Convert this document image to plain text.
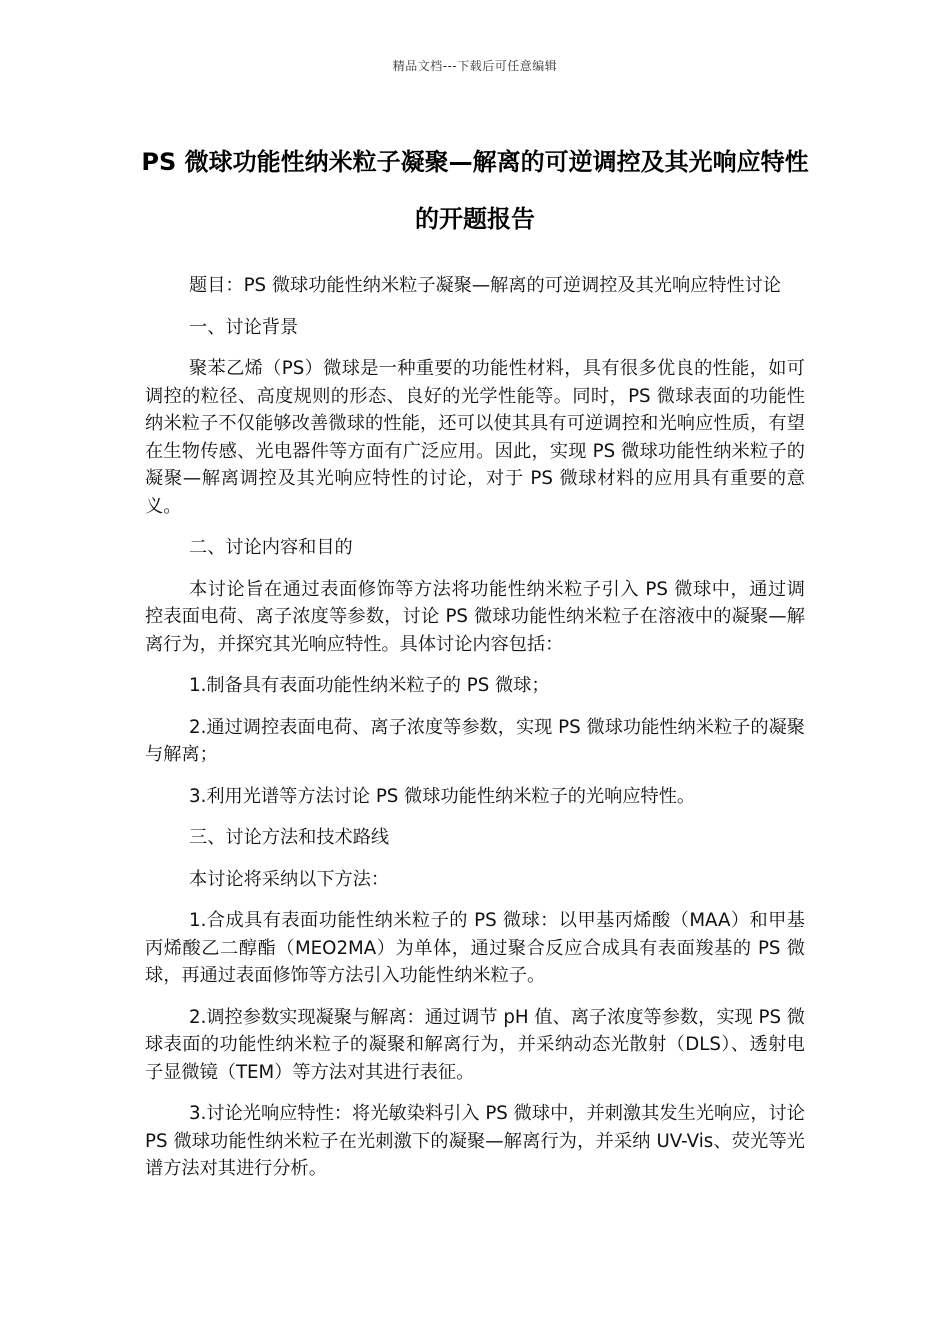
精品文档---下载后可任意编辑
PS 微球功能性纳米粒子凝聚—解离的可逆调控及其光响应特性的开题报告

题目：PS 微球功能性纳米粒子凝聚—解离的可逆调控及其光响应特性讨论

一、讨论背景

聚苯乙烯（PS）微球是一种重要的功能性材料，具有很多优良的性能，如可调控的粒径、高度规则的形态、良好的光学性能等。同时，PS 微球表面的功能性纳米粒子不仅能够改善微球的性能，还可以使其具有可逆调控和光响应性质，有望在生物传感、光电器件等方面有广泛应用。因此，实现 PS 微球功能性纳米粒子的凝聚—解离调控及其光响应特性的讨论，对于 PS 微球材料的应用具有重要的意义。

二、讨论内容和目的

本讨论旨在通过表面修饰等方法将功能性纳米粒子引入 PS 微球中，通过调控表面电荷、离子浓度等参数，讨论 PS 微球功能性纳米粒子在溶液中的凝聚—解离行为，并探究其光响应特性。具体讨论内容包括：

1.制备具有表面功能性纳米粒子的 PS 微球；

2.通过调控表面电荷、离子浓度等参数，实现 PS 微球功能性纳米粒子的凝聚与解离；

3.利用光谱等方法讨论 PS 微球功能性纳米粒子的光响应特性。

三、讨论方法和技术路线

本讨论将采纳以下方法：

1.合成具有表面功能性纳米粒子的 PS 微球：以甲基丙烯酸（MAA）和甲基丙烯酸乙二醇酯（MEO2MA）为单体，通过聚合反应合成具有表面羧基的 PS 微球，再通过表面修饰等方法引入功能性纳米粒子。

2.调控参数实现凝聚与解离：通过调节 pH 值、离子浓度等参数，实现 PS 微球表面的功能性纳米粒子的凝聚和解离行为，并采纳动态光散射（DLS）、透射电子显微镜（TEM）等方法对其进行表征。

3.讨论光响应特性：将光敏染料引入 PS 微球中，并刺激其发生光响应，讨论 PS 微球功能性纳米粒子在光刺激下的凝聚—解离行为，并采纳 UV-Vis、荧光等光谱方法对其进行分析。
